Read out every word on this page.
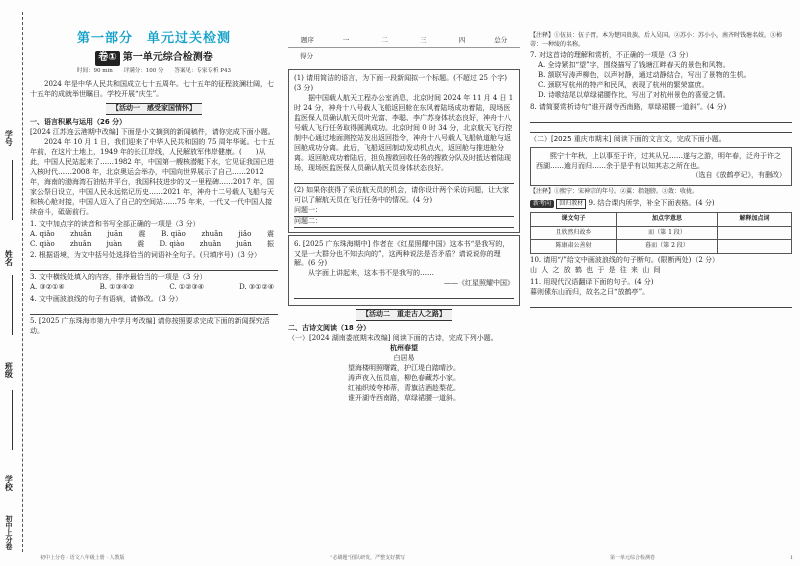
学号
姓名
班级
学校
初中上分卷
第一部分　单元过关检测
卷① 第一单元综合检测卷
时间：90 min　　评满分：100 分　　答案见：专家专析 P43

2024 年是中华人民共和国成立七十五周年。七十五年的征程波澜壮阔，七十五年的成就举世瞩目。学校开展“庆生”。

【活动一　感受家国情怀】
一、语言积累与运用（26 分）

[2024 江苏连云港期中改编] 下面是小文摘到的新闻稿件，请你完成下面小题。

2024 年 10 月 1 日，我们迎来了中华人民共和国的 75 周年华诞。七十五年前，在这片土地上，1949 年的长江岸线，人民解放军伟岸健康。(　　)从此，中国人民站起来了……1982 年，中国第一艘核潜艇下水，它见证我国已进入核时代……2008 年，北京奥运会举办，中国向世界展示了自己……2012 年，海南的渤海湾石油钻井平台，我国科技进步的又一里程碑……2017 年，国家公祭日设立，中国人民永远铭记历史……2021 年，神舟十二号载人飞船与天和核心舱对接，中国人迈入了自己的空间站……75 年来，一代又一代中国人接续奋斗，砥砺前行。

1. 文中加点字的读音和书写全部正确的一项是（3 分）
A. qiǎo zhuǎn juān 震 B. qiāo zhuǎn jiǎo 震
C. qiào zhuǎn juàn 震 D. qiào zhuǎn juān 振
2. 根据语境，为文中括号处选择恰当的词语补全句子。(只填序号)（3 分）
3. 文中横线处填入的内容，排序最恰当的一项是（3 分）
A. ③②①④	B. ①③④②	C. ①②③④	D. ③①②④
4. 文中画波浪线的句子有语病，请修改。（3 分）
5. [2025 广东珠海市第九中学月考改编] 请你按照要求完成下面的新闻探究活动。
题序	一	二	三	四	总分
得分

(1) 请用简洁的语言，为下面一段新闻拟一个标题。(不超过 25 个字) (3 分)

据中国载人航天工程办公室消息，北京时间 2024 年 11 月 4 日 1 时 24 分，神舟十八号载人飞船返回舱在东风着陆场成功着陆，现场医监医保人员确认航天员叶光富、李聪、李广苏身体状态良好，神舟十八号载人飞行任务取得圆满成功。北京时间 0 时 34 分，北京航天飞行控制中心通过地面测控站发出返回指令，神舟十八号载人飞船轨道舱与返回舱成功分离。此后，飞船返回制动发动机点火，返回舱与推进舱分离。返回舱成功着陆后，担负搜救回收任务的搜救分队及时抵达着陆现场，现场医监医保人员确认航天员身体状态良好。

(2) 如果你获得了采访航天员的机会，请你设计两个采访问题，让大家可以了解航天员在飞行任务中的情况。(4 分)

问题一：

问题二：

6. [2025 广东珠海期中] 作者在《红星照耀中国》这本书“是我写的，又是一大群分也不知去向的”，这两种说法是否矛盾？请说说你的理解。(6 分)

从字面上讲起来，这本书不是我写的……

——《红星照耀中国》

【活动二　重走古人之路】
二、古诗文阅读（18 分）

（一）[2024 湖南娄底期末改编] 阅读下面的古诗，完成下列小题。

杭州春望
白居易
望海楼明照曙霞，护江堤白踏晴沙。
涛声夜入伍员庙，柳色春藏苏小家。
红袖织绫夸柿蒂，青旗沽酒趁梨花。
谁开湖寺西南路，草绿裙腰一道斜。

【注释】①伍员：伍子胥，本为楚国贵族，后入吴国。②苏小：苏小小，南齐时钱塘名妓。③柿蒂：一种绫的名称。

7. 对这首诗的理解和赏析，不正确的一项是（3 分）

A. 全诗紧扣“望”字，围绕描写了钱塘江畔春天的景色和风物。

B. 颔联写涛声柳色，以声衬静，通过动静结合，写出了景物的生机。

C. 颈联写杭州的特产和民风，表现了杭州的繁荣富庶。

D. 诗歌结尾以草绿裙腰作比，写出了对杭州景色的喜爱之情。

8. 请简要赏析诗句“谁开湖寺西南路，草绿裙腰一道斜”。(4 分)
（二）[2025 重庆市期末] 阅读下面的文言文，完成下面小题。

熙宁十年秋，上以事至于许，过其从兄……遂与之游，明年春，泛舟于许之西湖……逾月而归……余于是乎有以知其志之所在也。

（选自《放鹤亭记》，有删改）

【注释】①熙宁：宋神宗的年号。②翼：指翅膀。③敛：收拢。

新考向 回归教材 9. 结合课内所学，补全下面表格。(4 分)
课文句子	加点字意思	解释加点词
且欣然归故乡	而（第 1 段）	
陈康肃公善射	暮而（第 2 段）	
10. 请用“/”给文中画波浪线的句子断句。(限断两处)（2 分）

山 人 之 放 鹤 也 于 是 往 来 山 间

11. 用现代汉语翻译下面的句子。(4 分)

暮则傃东山而归，故名之曰“放鹤亭”。

初中上分卷 · 语文八年级上册 · 人教版	“必刷题”团队研发，严整支好撰写	第一单元综合检测卷	1
